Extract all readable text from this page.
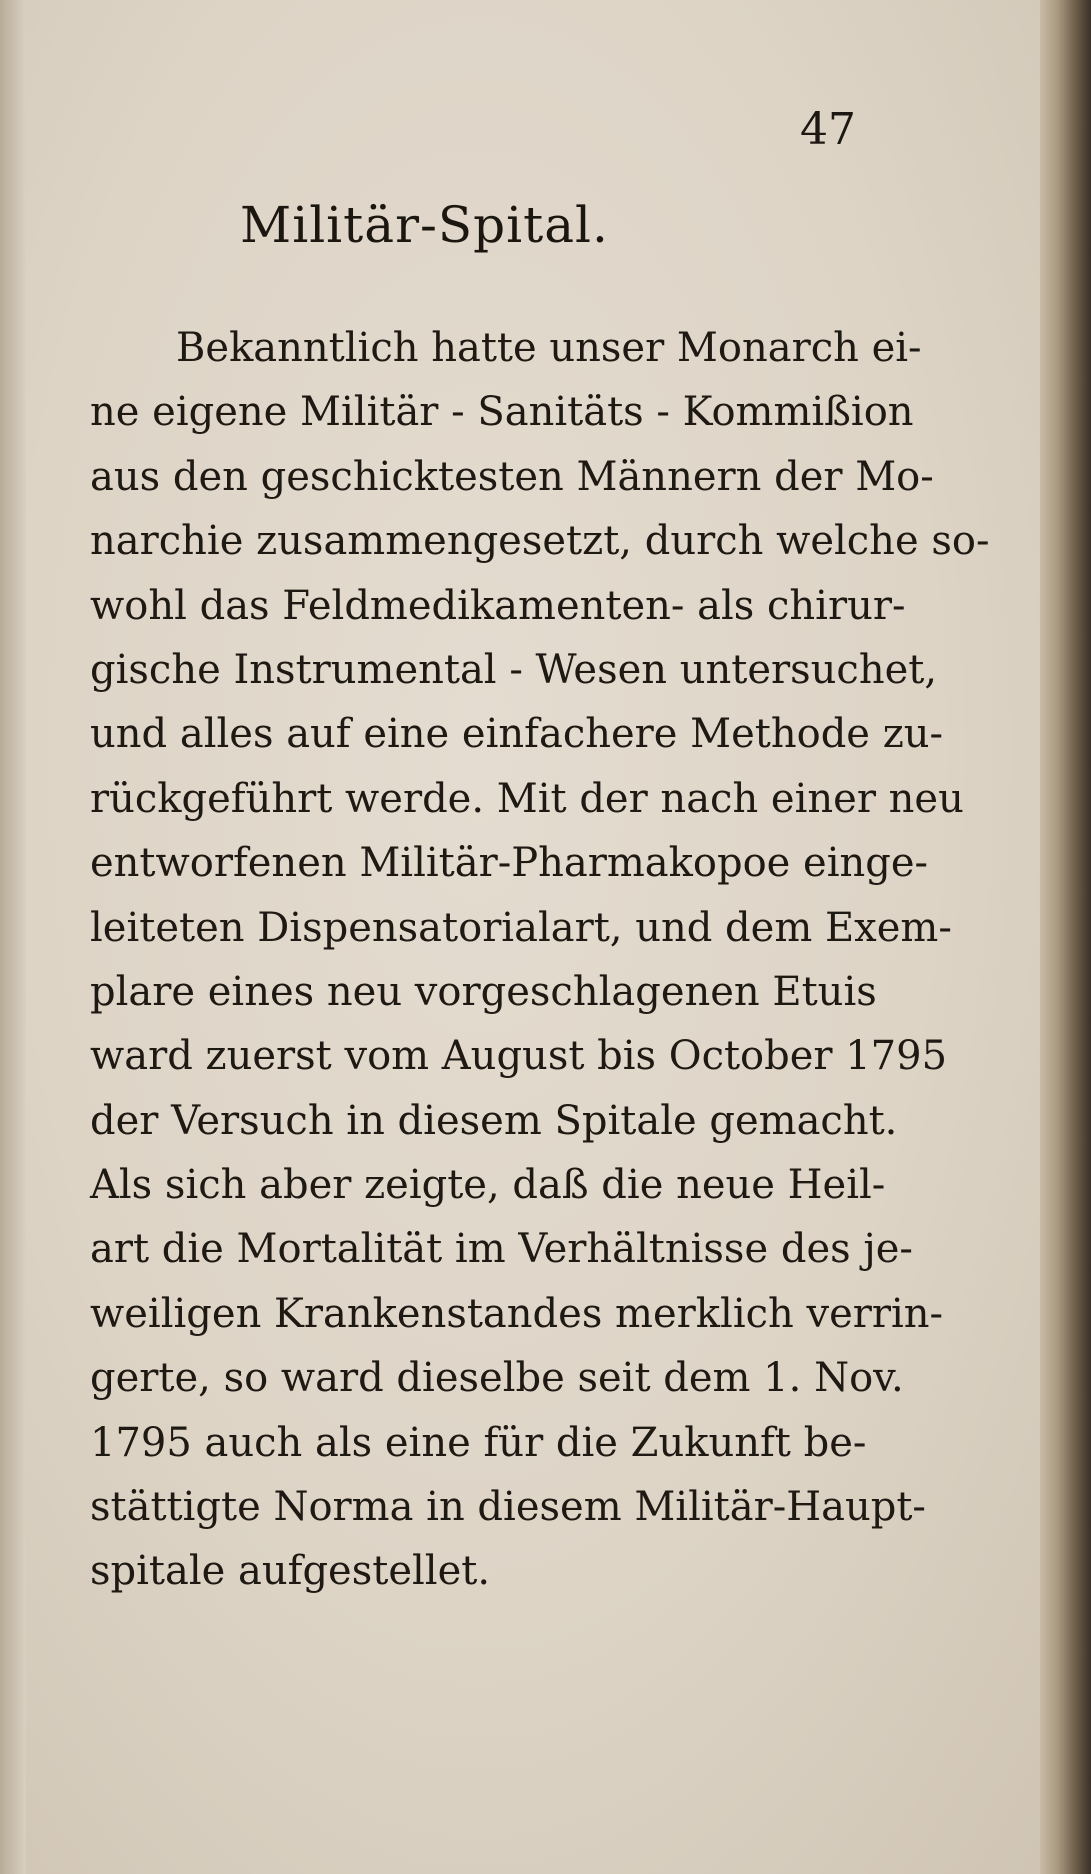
47
Militär-Spital.
Bekanntlich hatte unser Monarch ei-
ne eigene Militär - Sanitäts - Kommißion
aus den geschicktesten Männern der Mo-
narchie zusammengesetzt, durch welche so-
wohl das Feldmedikamenten- als chirur-
gische Instrumental - Wesen untersuchet,
und alles auf eine einfachere Methode zu-
rückgeführt werde. Mit der nach einer neu
entworfenen Militär-Pharmakopoe einge-
leiteten Dispensatorialart, und dem Exem-
plare eines neu vorgeschlagenen Etuis
ward zuerst vom August bis October 1795
der Versuch in diesem Spitale gemacht.
Als sich aber zeigte, daß die neue Heil-
art die Mortalität im Verhältnisse des je-
weiligen Krankenstandes merklich verrin-
gerte, so ward dieselbe seit dem 1. Nov.
1795 auch als eine für die Zukunft be-
stättigte Norma in diesem Militär-Haupt-
spitale aufgestellet.
